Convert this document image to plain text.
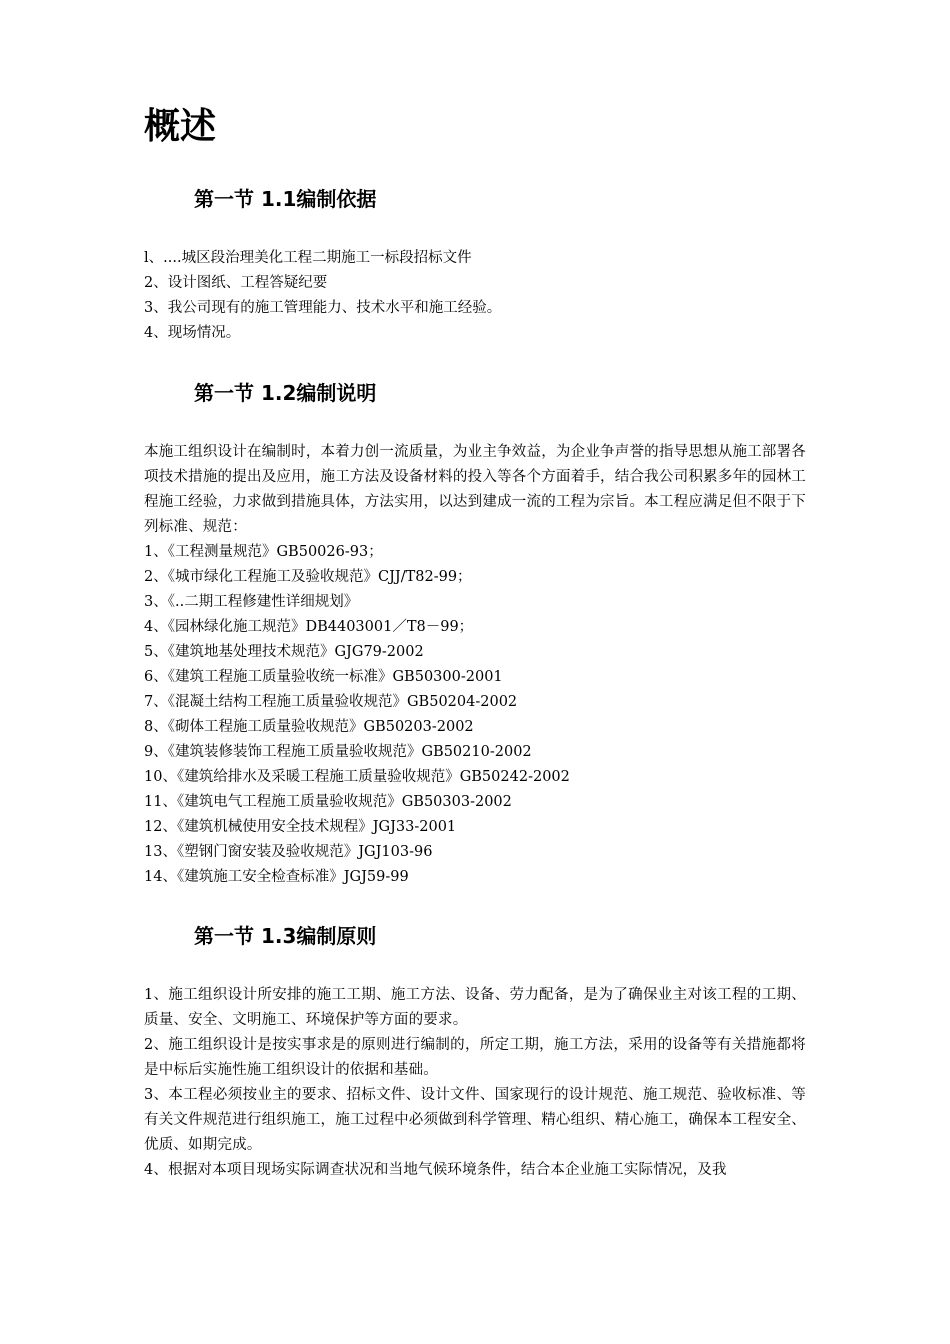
概述
第一节 1.1编制依据

l、....城区段治理美化工程二期施工一标段招标文件

2、设计图纸、工程答疑纪要

3、我公司现有的施工管理能力、技术水平和施工经验。

4、现场情况。

第一节 1.2编制说明
本施工组织设计在编制时，本着力创一流质量，为业主争效益，为企业争声誉的指导思想从施工部署各项技术措施的提出及应用，施工方法及设备材料的投入等各个方面着手，结合我公司积累多年的园林工程施工经验，力求做到措施具体，方法实用，以达到建成一流的工程为宗旨。本工程应满足但不限于下列标准、规范：

1、《工程测量规范》GB50026-93；

2、《城市绿化工程施工及验收规范》CJJ/T82-99；

3、《..二期工程修建性详细规划》

4、《园林绿化施工规范》DB4403001／T8－99；

5、《建筑地基处理技术规范》GJG79-2002

6、《建筑工程施工质量验收统一标准》GB50300-2001

7、《混凝土结构工程施工质量验收规范》GB50204-2002

8、《砌体工程施工质量验收规范》GB50203-2002

9、《建筑装修装饰工程施工质量验收规范》GB50210-2002

10、《建筑给排水及采暖工程施工质量验收规范》GB50242-2002

11、《建筑电气工程施工质量验收规范》GB50303-2002

12、《建筑机械使用安全技术规程》JGJ33-2001

13、《塑钢门窗安装及验收规范》JGJ103-96

14、《建筑施工安全检查标准》JGJ59-99

第一节 1.3编制原则
1、施工组织设计所安排的施工工期、施工方法、设备、劳力配备，是为了确保业主对该工程的工期、质量、安全、文明施工、环境保护等方面的要求。
2、施工组织设计是按实事求是的原则进行编制的，所定工期，施工方法，采用的设备等有关措施都将是中标后实施性施工组织设计的依据和基础。
3、本工程必须按业主的要求、招标文件、设计文件、国家现行的设计规范、施工规范、验收标准、等有关文件规范进行组织施工，施工过程中必须做到科学管理、精心组织、精心施工，确保本工程安全、优质、如期完成。
4、根据对本项目现场实际调查状况和当地气候环境条件，结合本企业施工实际情况，及我
